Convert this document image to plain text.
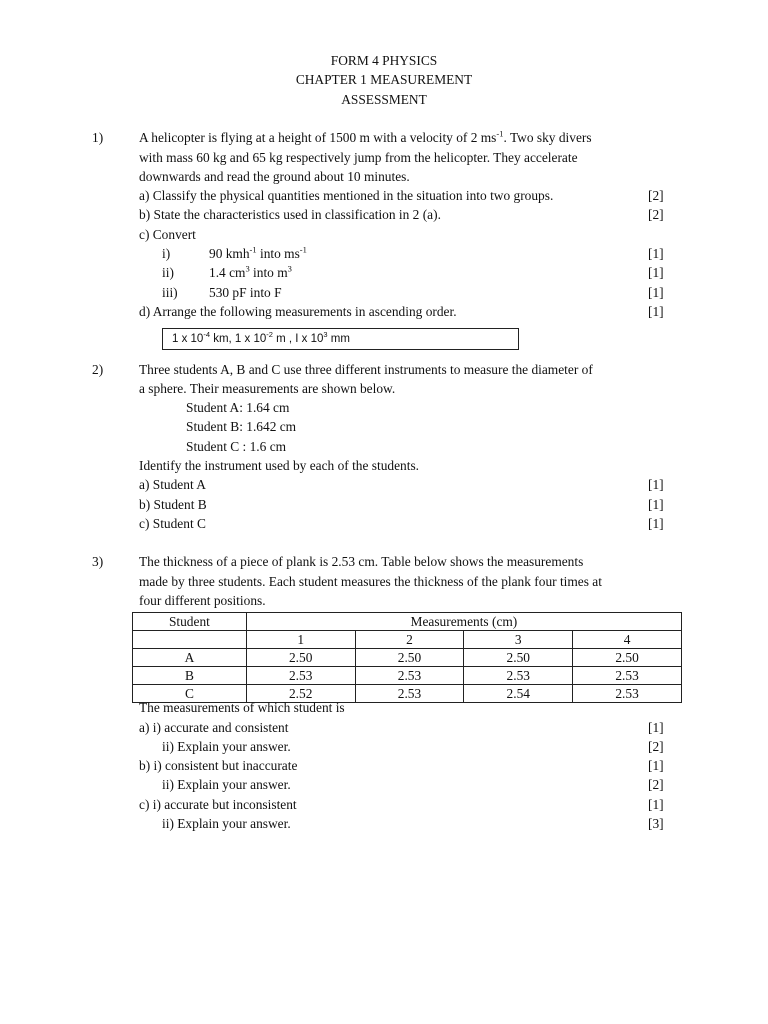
FORM 4 PHYSICS
CHAPTER 1 MEASUREMENT
ASSESSMENT
1)	A helicopter is flying at a height of 1500 m with a velocity of 2 $ms^{-1}$. Two sky divers
with mass 60 kg and 65 kg respectively jump from the helicopter. They accelerate
downwards and read the ground about 10 minutes.
a) Classify the physical quantities mentioned in the situation into two groups.	[2]
b) State the characteristics used in classification in 2 (a).	[2]
c) Convert
i)	90 kmh$^{-1}$ into $ms^{-1}$	[1]
ii)	1.4 $cm^3$ into $m^3$	[1]
iii) 530 pF into F	[1]
d) Arrange the following measurements in ascending order.	[1]
1 x $10^{-4}$ km, 1 x $10^{-2}$ m , I x $10^3$ mm
2)	Three students A, B and C use three different instruments to measure the diameter of
a sphere. Their measurements are shown below.
Student A: 1.64 cm
Student B: 1.642 cm
Student C : 1.6 cm
Identify the instrument used by each of the students.
a) Student A	[1]
b) Student B	[1]
c) Student C	[1]
3)	The thickness of a piece of plank is 2.53 cm. Table below shows the measurements
made by three students. Each student measures the thickness of the plank four times at
four different positions.
Student	Measurements (cm)			
	1	2	3	4
A	2.50	2.50	2.50	2.50
B	2.53	2.53	2.53	2.53
C	2.52	2.53	2.54	2.53
The measurements of which student is
a) i) accurate and consistent	[1]
ii) Explain your answer.	[2]
b) i) consistent but inaccurate	[1]
ii) Explain your answer.	[2]
c) i) accurate but inconsistent	[1]
ii) Explain your answer.	[3]
